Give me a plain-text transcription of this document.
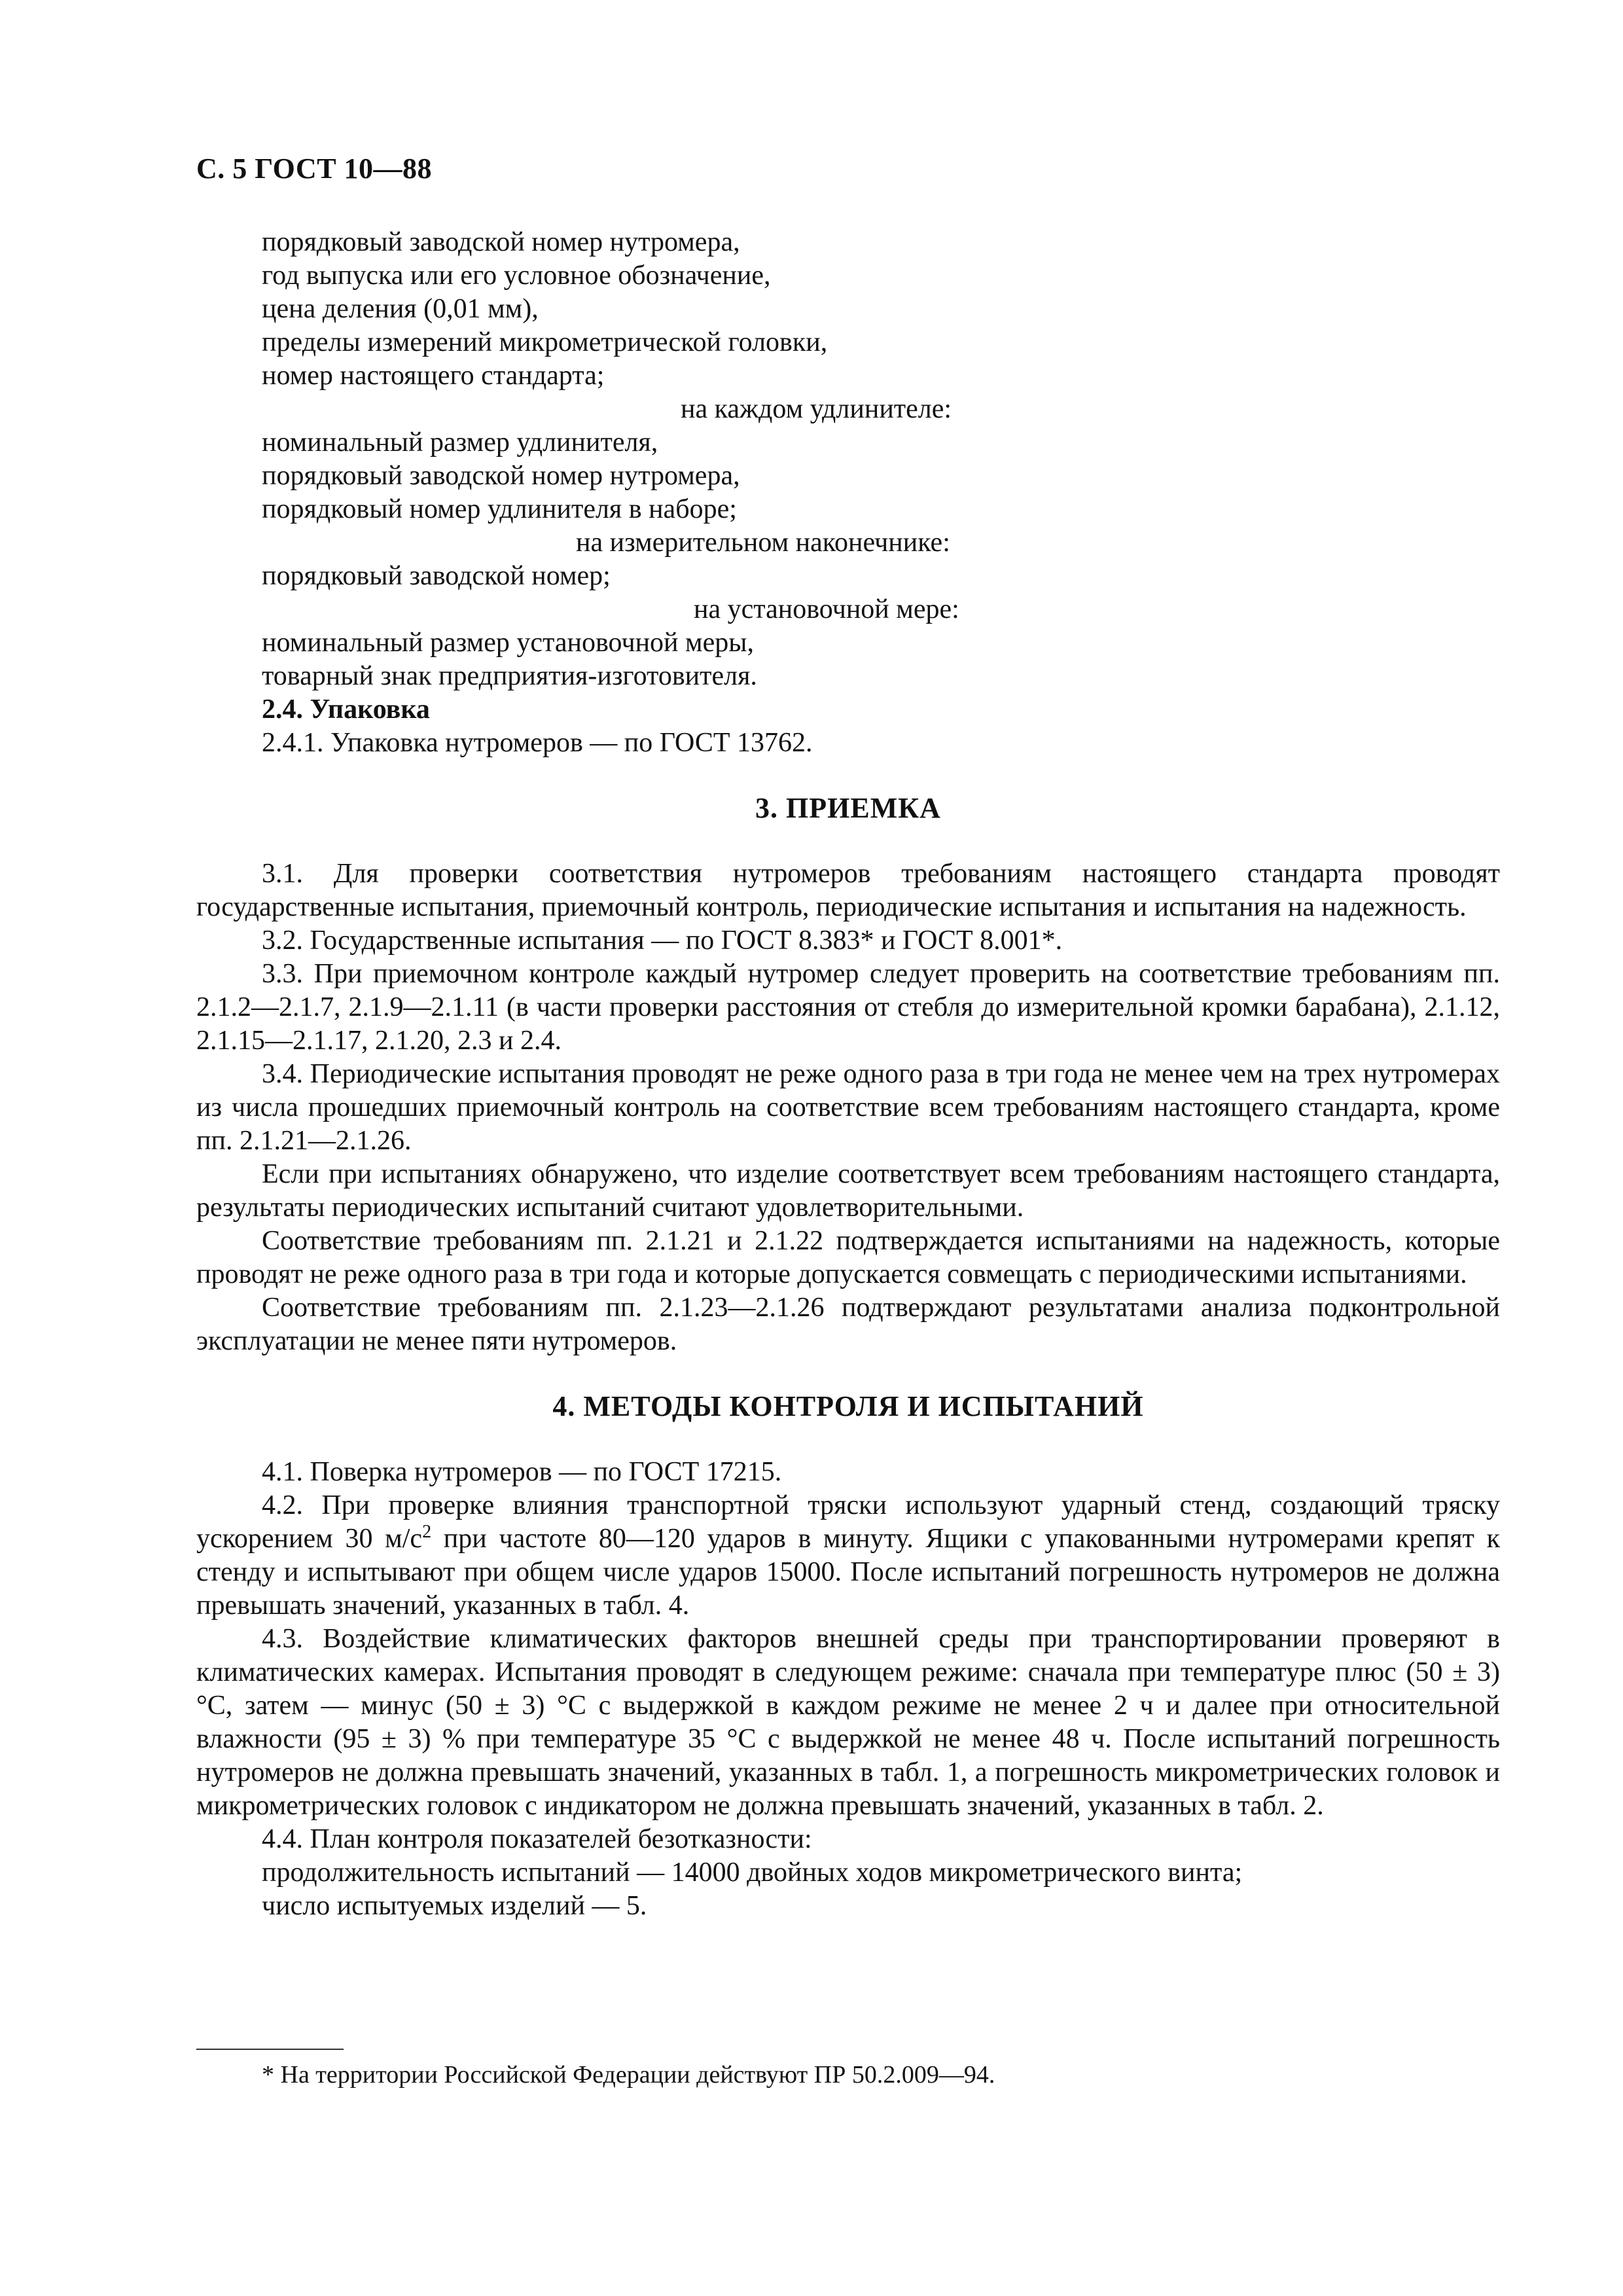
С. 5 ГОСТ 10—88
порядковый заводской номер нутромера,
год выпуска или его условное обозначение,
цена деления (0,01 мм),
пределы измерений микрометрической головки,
номер настоящего стандарта;
на каждом удлинителе:
номинальный размер удлинителя,
порядковый заводской номер нутромера,
порядковый номер удлинителя в наборе;
на измерительном наконечнике:
порядковый заводской номер;
на установочной мере:
номинальный размер установочной меры,
товарный знак предприятия-изготовителя.
2.4. Упаковка
2.4.1. Упаковка нутромеров — по ГОСТ 13762.
3. ПРИЕМКА

3.1. Для проверки соответствия нутромеров требованиям настоящего стандарта проводят государственные испытания, приемочный контроль, периодические испытания и испытания на надежность.

3.2. Государственные испытания — по ГОСТ 8.383* и ГОСТ 8.001*.

3.3. При приемочном контроле каждый нутромер следует проверить на соответствие требованиям пп. 2.1.2—2.1.7, 2.1.9—2.1.11 (в части проверки расстояния от стебля до измерительной кромки барабана), 2.1.12, 2.1.15—2.1.17, 2.1.20, 2.3 и 2.4.

3.4. Периодические испытания проводят не реже одного раза в три года не менее чем на трех нутромерах из числа прошедших приемочный контроль на соответствие всем требованиям настоящего стандарта, кроме пп. 2.1.21—2.1.26.

Если при испытаниях обнаружено, что изделие соответствует всем требованиям настоящего стандарта, результаты периодических испытаний считают удовлетворительными.

Соответствие требованиям пп. 2.1.21 и 2.1.22 подтверждается испытаниями на надежность, которые проводят не реже одного раза в три года и которые допускается совмещать с периодическими испытаниями.

Соответствие требованиям пп. 2.1.23—2.1.26 подтверждают результатами анализа подконтрольной эксплуатации не менее пяти нутромеров.

4. МЕТОДЫ КОНТРОЛЯ И ИСПЫТАНИЙ

4.1. Поверка нутромеров — по ГОСТ 17215.

4.2. При проверке влияния транспортной тряски используют ударный стенд, создающий тряску ускорением 30 $м/с^2$ при частоте 80—120 ударов в минуту. Ящики с упакованными нутромерами крепят к стенду и испытывают при общем числе ударов 15000. После испытаний погрешность нутромеров не должна превышать значений, указанных в табл. 4.

4.3. Воздействие климатических факторов внешней среды при транспортировании проверяют в климатических камерах. Испытания проводят в следующем режиме: сначала при температуре плюс (50 ± 3) °C, затем — минус (50 ± 3) °C с выдержкой в каждом режиме не менее 2 ч и далее при относительной влажности (95 ± 3) % при температуре 35 °C с выдержкой не менее 48 ч. После испытаний погрешность нутромеров не должна превышать значений, указанных в табл. 1, а погрешность микрометрических головок и микрометрических головок с индикатором не должна превышать значений, указанных в табл. 2.

4.4. План контроля показателей безотказности:

продолжительность испытаний — 14000 двойных ходов микрометрического винта;

число испытуемых изделий — 5.

* На территории Российской Федерации действуют ПР 50.2.009—94.
